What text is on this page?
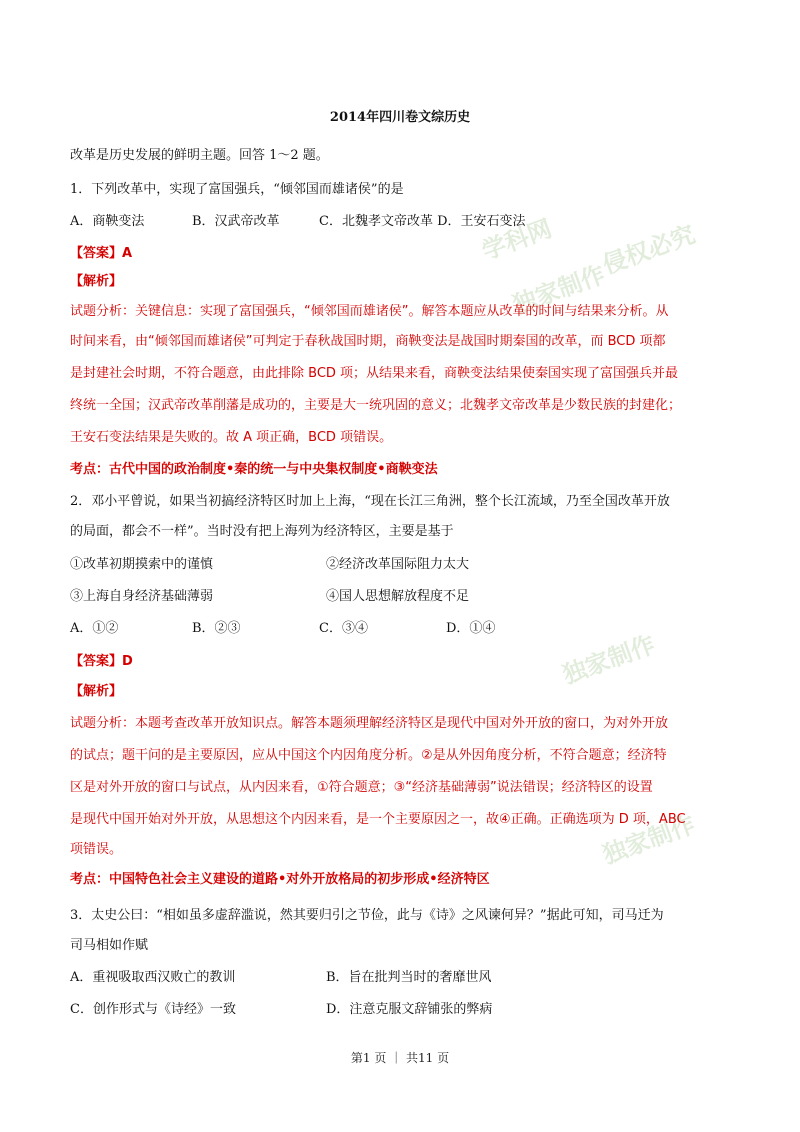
学科网 侵权必究
独家制作
独家制作
独家制作
2014年四川卷文综历史
改革是历史发展的鲜明主题。回答 1～2 题。
1．下列改革中，实现了富国强兵，“倾邻国而雄诸侯”的是
A．商鞅变法	B．汉武帝改革	C．北魏孝文帝改革 D．王安石变法
【答案】A
【解析】
试题分析：关键信息：实现了富国强兵，“倾邻国而雄诸侯”。解答本题应从改革的时间与结果来分析。从
时间来看，由“倾邻国而雄诸侯”可判定于春秋战国时期，商鞅变法是战国时期秦国的改革，而 BCD 项都
是封建社会时期，不符合题意，由此排除 BCD 项；从结果来看，商鞅变法结果使秦国实现了富国强兵并最
终统一全国；汉武帝改革削藩是成功的，主要是大一统巩固的意义；北魏孝文帝改革是少数民族的封建化；
王安石变法结果是失败的。故 A 项正确，BCD 项错误。
考点：古代中国的政治制度•秦的统一与中央集权制度•商鞅变法
2．邓小平曾说，如果当初搞经济特区时加上上海，“现在长江三角洲，整个长江流域，乃至全国改革开放
的局面，都会不一样”。当时没有把上海列为经济特区，主要是基于
①改革初期摸索中的谨慎	②经济改革国际阻力太大
③上海自身经济基础薄弱	④国人思想解放程度不足
A．①②	B．②③	C．③④	D．①④
【答案】D
【解析】
试题分析：本题考查改革开放知识点。解答本题须理解经济特区是现代中国对外开放的窗口，为对外开放
的试点；题干问的是主要原因，应从中国这个内因角度分析。②是从外因角度分析，不符合题意；经济特
区是对外开放的窗口与试点，从内因来看，①符合题意；③“经济基础薄弱”说法错误；经济特区的设置
是现代中国开始对外开放，从思想这个内因来看，是一个主要原因之一，故④正确。正确选项为 D 项，ABC
项错误。
考点：中国特色社会主义建设的道路•对外开放格局的初步形成•经济特区
3．太史公曰：“相如虽多虚辞滥说，然其要归引之节俭，此与《诗》之风谏何异？”据此可知，司马迁为
司马相如作赋
A．重视吸取西汉败亡的教训	B．旨在批判当时的奢靡世风
C．创作形式与《诗经》一致	D．注意克服文辞铺张的弊病
第1 页 ｜ 共11 页
